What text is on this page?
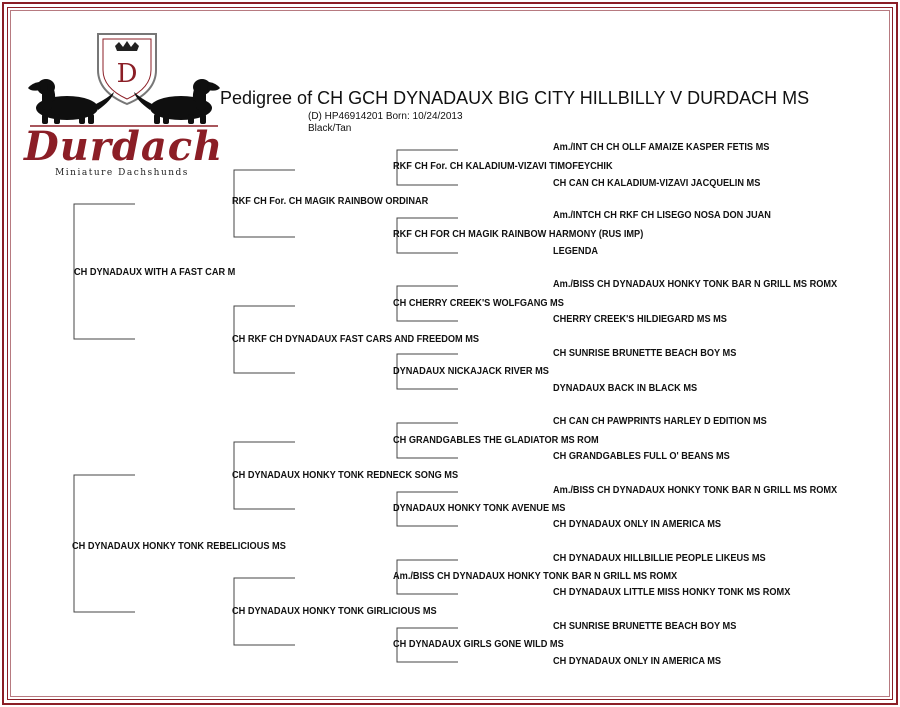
D
Durdach
Miniature Dachshunds
Pedigree of CH GCH DYNADAUX BIG CITY HILLBILLY V DURDACH MS
(D) HP46914201 Born: 10/24/2013
Black/Tan
CH DYNADAUX WITH A FAST CAR M
CH DYNADAUX HONKY TONK REBELICIOUS MS
RKF CH For. CH MAGIK RAINBOW ORDINAR
CH RKF CH DYNADAUX FAST CARS AND FREEDOM MS
CH DYNADAUX HONKY TONK REDNECK SONG MS
CH DYNADAUX HONKY TONK GIRLICIOUS MS
RKF CH For. CH KALADIUM-VIZAVI TIMOFEYCHIK
RKF CH FOR CH MAGIK RAINBOW HARMONY (RUS IMP)
CH CHERRY CREEK'S WOLFGANG MS
DYNADAUX NICKAJACK RIVER MS
CH GRANDGABLES THE GLADIATOR MS ROM
DYNADAUX HONKY TONK AVENUE MS
Am./BISS CH DYNADAUX HONKY TONK BAR N GRILL MS ROMX
CH DYNADAUX GIRLS GONE WILD MS
Am./INT CH CH OLLF AMAIZE KASPER FETIS MS
CH CAN CH KALADIUM-VIZAVI JACQUELIN MS
Am./INTCH CH RKF CH LISEGO NOSA DON JUAN
LEGENDA
Am./BISS CH DYNADAUX HONKY TONK BAR N GRILL MS ROMX
CHERRY CREEK'S HILDIEGARD MS MS
CH SUNRISE BRUNETTE BEACH BOY MS
DYNADAUX BACK IN BLACK MS
CH CAN CH PAWPRINTS HARLEY D EDITION MS
CH GRANDGABLES FULL O' BEANS MS
Am./BISS CH DYNADAUX HONKY TONK BAR N GRILL MS ROMX
CH DYNADAUX ONLY IN AMERICA MS
CH DYNADAUX HILLBILLIE PEOPLE LIKEUS MS
CH DYNADAUX LITTLE MISS HONKY TONK MS ROMX
CH SUNRISE BRUNETTE BEACH BOY MS
CH DYNADAUX ONLY IN AMERICA MS
